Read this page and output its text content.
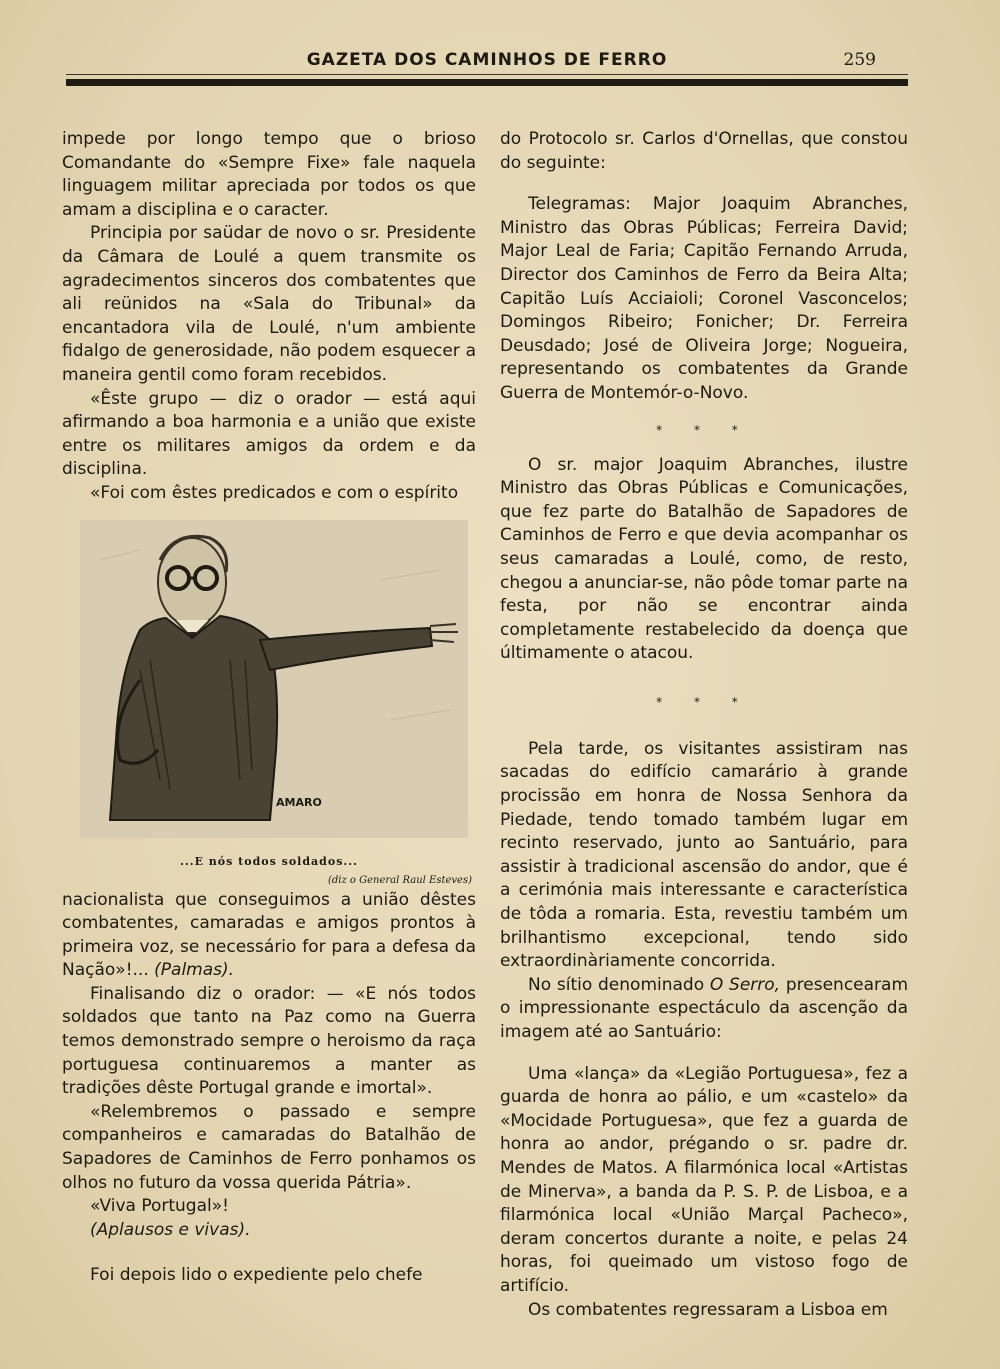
GAZETA DOS CAMINHOS DE FERRO	259

impede por longo tempo que o brioso Comandante do «Sempre Fixe» fale naquela linguagem militar apreciada por todos os que amam a disciplina e o caracter.

Principia por saüdar de novo o sr. Presidente da Câmara de Loulé a quem transmite os agradecimentos sinceros dos combatentes que ali reünidos na «Sala do Tribunal» da encantadora vila de Loulé, n'um ambiente fidalgo de generosidade, não podem esquecer a maneira gentil como foram recebidos.

«Êste grupo — diz o orador — está aqui afirmando a boa harmonia e a união que existe entre os militares amigos da ordem e da disciplina.

«Foi com êstes predicados e com o espírito

AMARO
...E nós todos soldados...
(diz o General Raul Esteves)

nacionalista que conseguimos a união dêstes combatentes, camaradas e amigos prontos à primeira voz, se necessário for para a defesa da Nação»!... (Palmas).

Finalisando diz o orador: — «E nós todos soldados que tanto na Paz como na Guerra temos demonstrado sempre o heroismo da raça portuguesa continuaremos a manter as tradições dêste Portugal grande e imortal».

«Relembremos o passado e sempre companheiros e camaradas do Batalhão de Sapadores de Caminhos de Ferro ponhamos os olhos no futuro da vossa querida Pátria».

«Viva Portugal»!

(Aplausos e vivas).

Foi depois lido o expediente pelo chefe

do Protocolo sr. Carlos d'Ornellas, que constou do seguinte:

Telegramas: Major Joaquim Abranches, Ministro das Obras Públicas; Ferreira David; Major Leal de Faria; Capitão Fernando Arruda, Director dos Caminhos de Ferro da Beira Alta; Capitão Luís Acciaioli; Coronel Vasconcelos; Domingos Ribeiro; Fonicher; Dr. Ferreira Deusdado; José de Oliveira Jorge; Nogueira, representando os combatentes da Grande Guerra de Montemór-o-Novo.

* * *

O sr. major Joaquim Abranches, ilustre Ministro das Obras Públicas e Comunicações, que fez parte do Batalhão de Sapadores de Caminhos de Ferro e que devia acompanhar os seus camaradas a Loulé, como, de resto, chegou a anunciar-se, não pôde tomar parte na festa, por não se encontrar ainda completamente restabelecido da doença que últimamente o atacou.

* * *

Pela tarde, os visitantes assistiram nas sacadas do edifício camarário à grande procissão em honra de Nossa Senhora da Piedade, tendo tomado também lugar em recinto reservado, junto ao Santuário, para assistir à tradicional ascensão do andor, que é a cerimónia mais interessante e característica de tôda a romaria. Esta, revestiu também um brilhantismo excepcional, tendo sido extraordinàriamente concorrida.

No sítio denominado O Serro, presencearam o impressionante espectáculo da ascenção da imagem até ao Santuário:

Uma «lança» da «Legião Portuguesa», fez a guarda de honra ao pálio, e um «castelo» da «Mocidade Portuguesa», que fez a guarda de honra ao andor, prégando o sr. padre dr. Mendes de Matos. A filarmónica local «Artistas de Minerva», a banda da P. S. P. de Lisboa, e a filarmónica local «União Marçal Pacheco», deram concertos durante a noite, e pelas 24 horas, foi queimado um vistoso fogo de artifício.

Os combatentes regressaram a Lisboa em
